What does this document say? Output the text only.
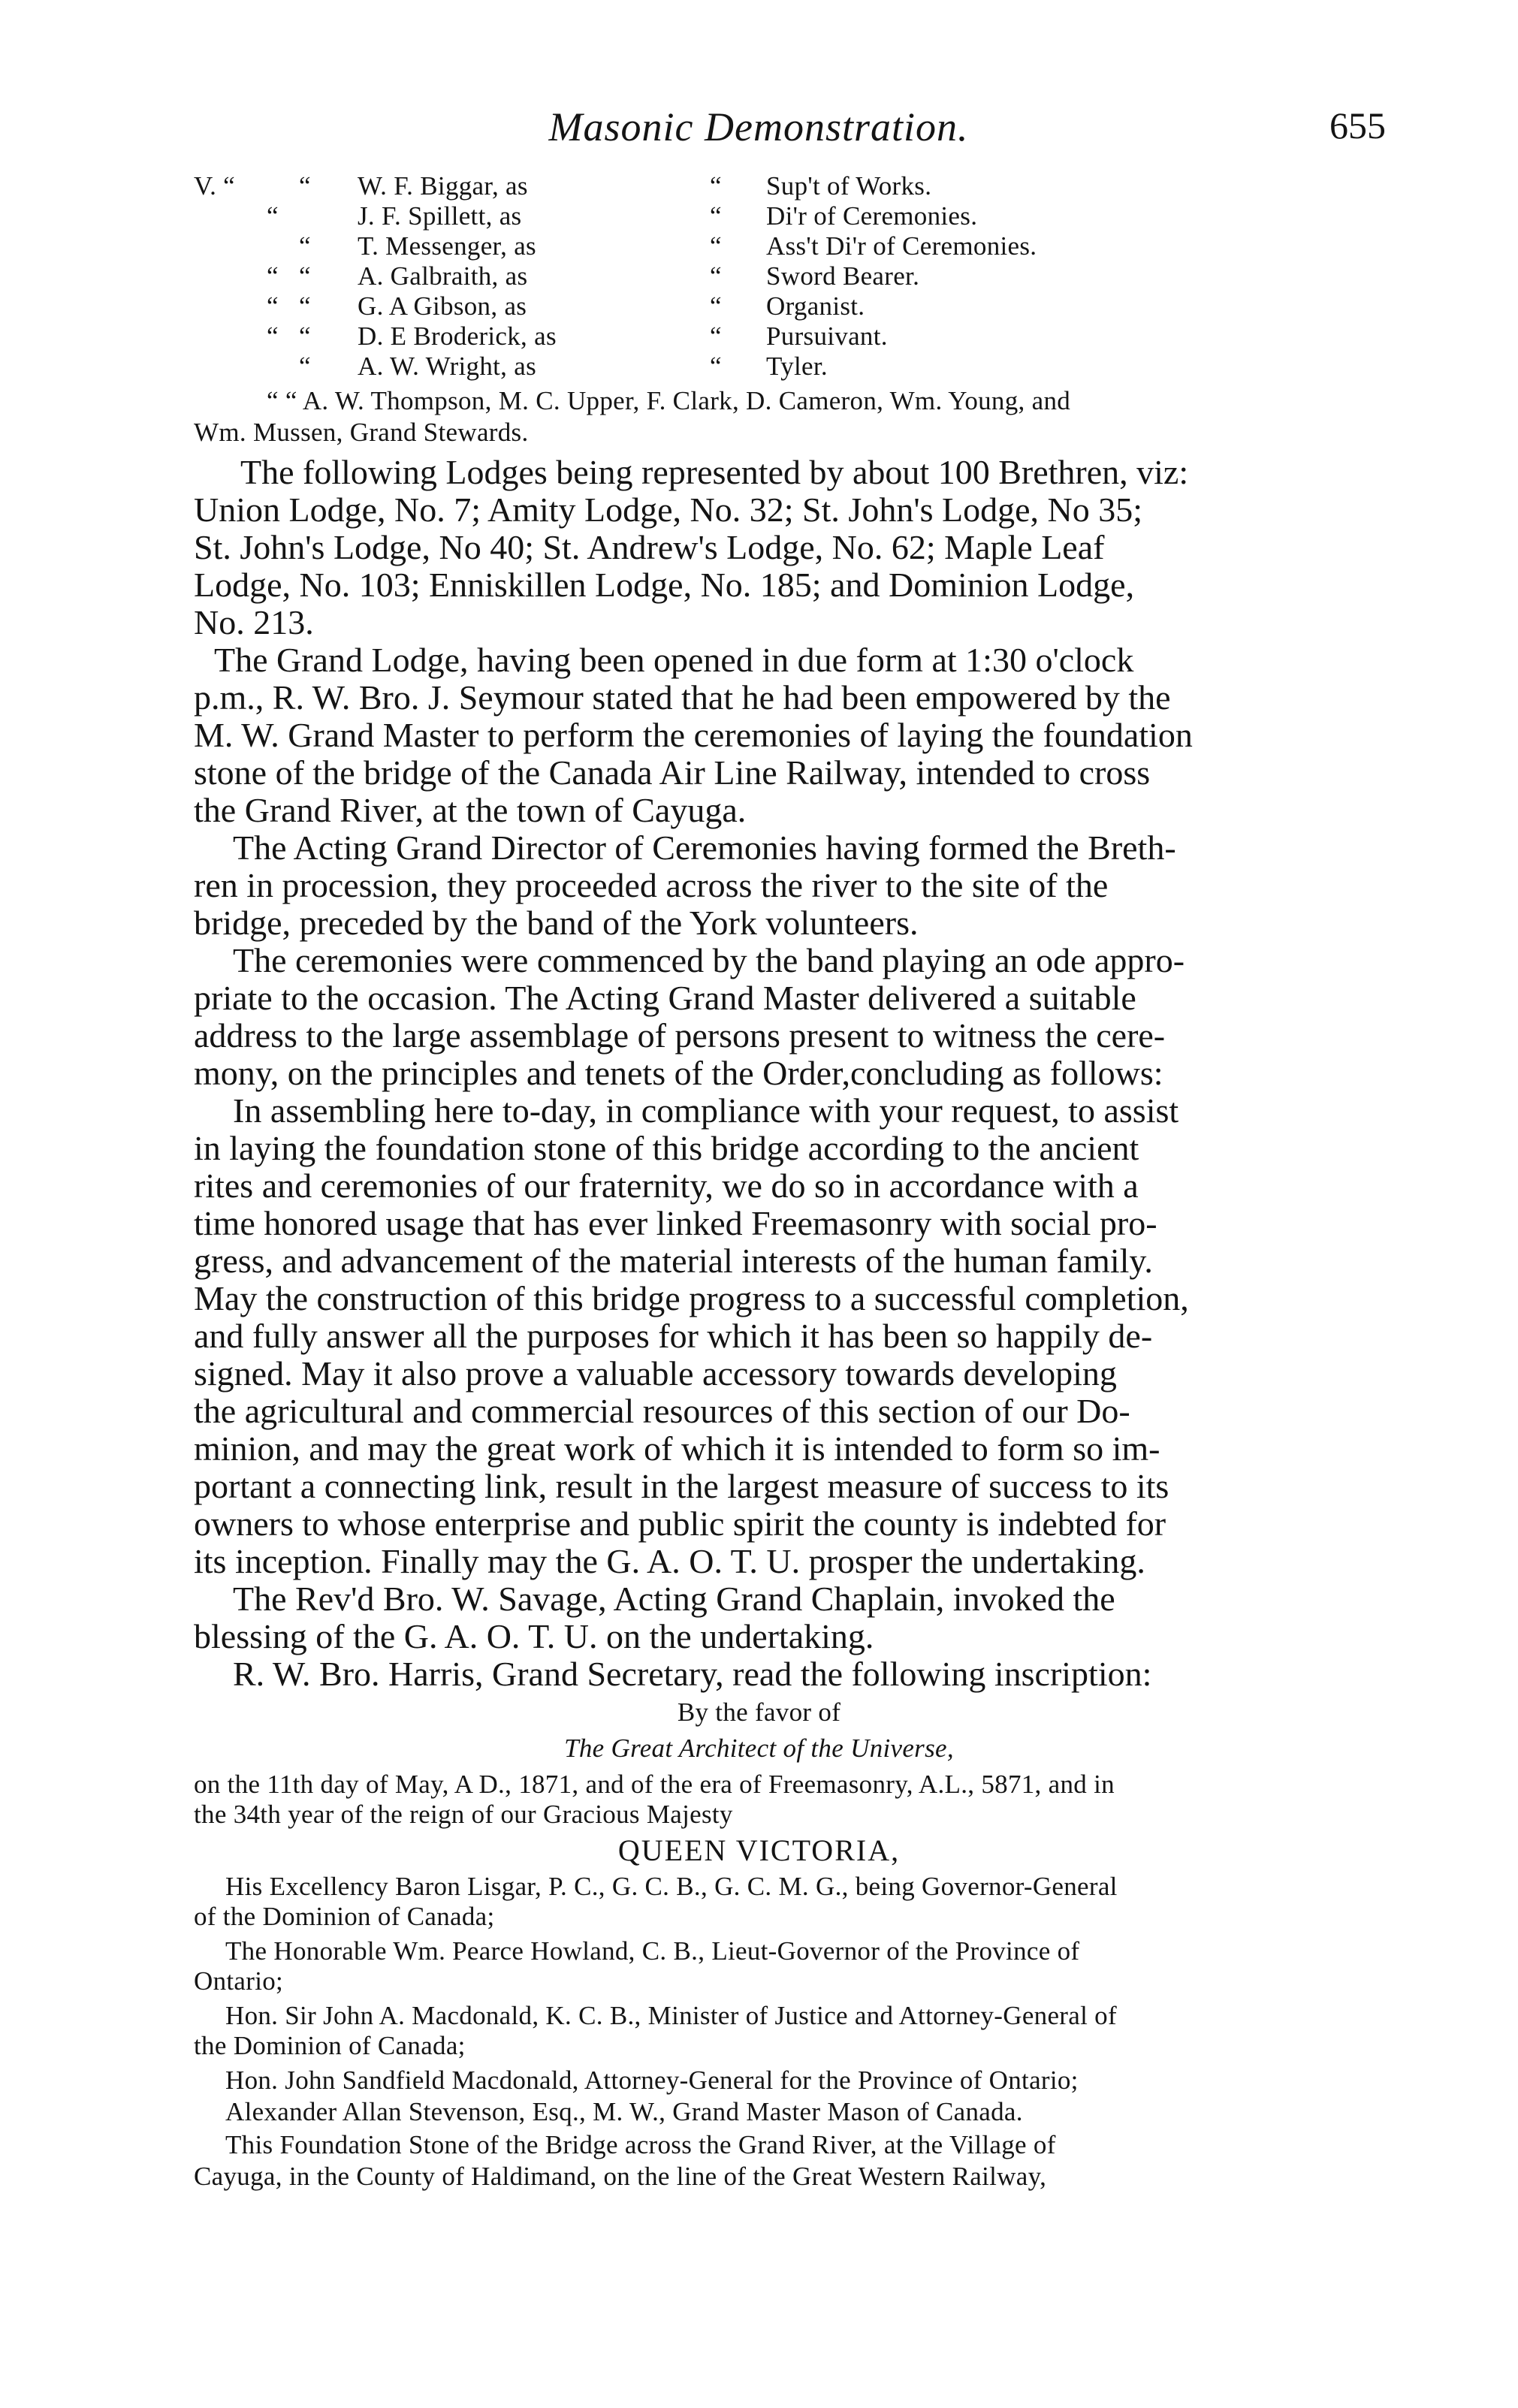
Masonic Demonstration.	655
V. “ “ W. F. Biggar, as	“ Sup't of Works.
“	J. F. Spillett, as	“ Di'r of Ceremonies.
“ T. Messenger, as	“ Ass't Di'r of Ceremonies.
“ “ A. Galbraith, as	“ Sword Bearer.
“ “ G. A Gibson, as	“ Organist.
“ “ D. E Broderick, as	“ Pursuivant.
“ A. W. Wright, as	“ Tyler.
“ “ A. W. Thompson, M. C. Upper, F. Clark, D. Cameron, Wm. Young, and
Wm. Mussen, Grand Stewards.
The following Lodges being represented by about 100 Brethren, viz:
Union Lodge, No. 7; Amity Lodge, No. 32; St. John's Lodge, No 35;
St. John's Lodge, No 40; St. Andrew's Lodge, No. 62; Maple Leaf
Lodge, No. 103; Enniskillen Lodge, No. 185; and Dominion Lodge,
No. 213.
The Grand Lodge, having been opened in due form at 1:30 o'clock
p.m., R. W. Bro. J. Seymour stated that he had been empowered by the
M. W. Grand Master to perform the ceremonies of laying the foundation
stone of the bridge of the Canada Air Line Railway, intended to cross
the Grand River, at the town of Cayuga.
The Acting Grand Director of Ceremonies having formed the Breth-
ren in procession, they proceeded across the river to the site of the
bridge, preceded by the band of the York volunteers.
The ceremonies were commenced by the band playing an ode appro-
priate to the occasion. The Acting Grand Master delivered a suitable
address to the large assemblage of persons present to witness the cere-
mony, on the principles and tenets of the Order,concluding as follows:
In assembling here to-day, in compliance with your request, to assist
in laying the foundation stone of this bridge according to the ancient
rites and ceremonies of our fraternity, we do so in accordance with a
time honored usage that has ever linked Freemasonry with social pro-
gress, and advancement of the material interests of the human family.
May the construction of this bridge progress to a successful completion,
and fully answer all the purposes for which it has been so happily de-
signed. May it also prove a valuable accessory towards developing
the agricultural and commercial resources of this section of our Do-
minion, and may the great work of which it is intended to form so im-
portant a connecting link, result in the largest measure of success to its
owners to whose enterprise and public spirit the county is indebted for
its inception. Finally may the G. A. O. T. U. prosper the undertaking.
The Rev'd Bro. W. Savage, Acting Grand Chaplain, invoked the
blessing of the G. A. O. T. U. on the undertaking.
R. W. Bro. Harris, Grand Secretary, read the following inscription:
By the favor of
The Great Architect of the Universe,
on the 11th day of May, A D., 1871, and of the era of Freemasonry, A.L., 5871, and in
the 34th year of the reign of our Gracious Majesty
QUEEN VICTORIA,
His Excellency Baron Lisgar, P. C., G. C. B., G. C. M. G., being Governor-General
of the Dominion of Canada;
The Honorable Wm. Pearce Howland, C. B., Lieut-Governor of the Province of
Ontario;
Hon. Sir John A. Macdonald, K. C. B., Minister of Justice and Attorney-General of
the Dominion of Canada;
Hon. John Sandfield Macdonald, Attorney-General for the Province of Ontario;
Alexander Allan Stevenson, Esq., M. W., Grand Master Mason of Canada.
This Foundation Stone of the Bridge across the Grand River, at the Village of
Cayuga, in the County of Haldimand, on the line of the Great Western Railway,
